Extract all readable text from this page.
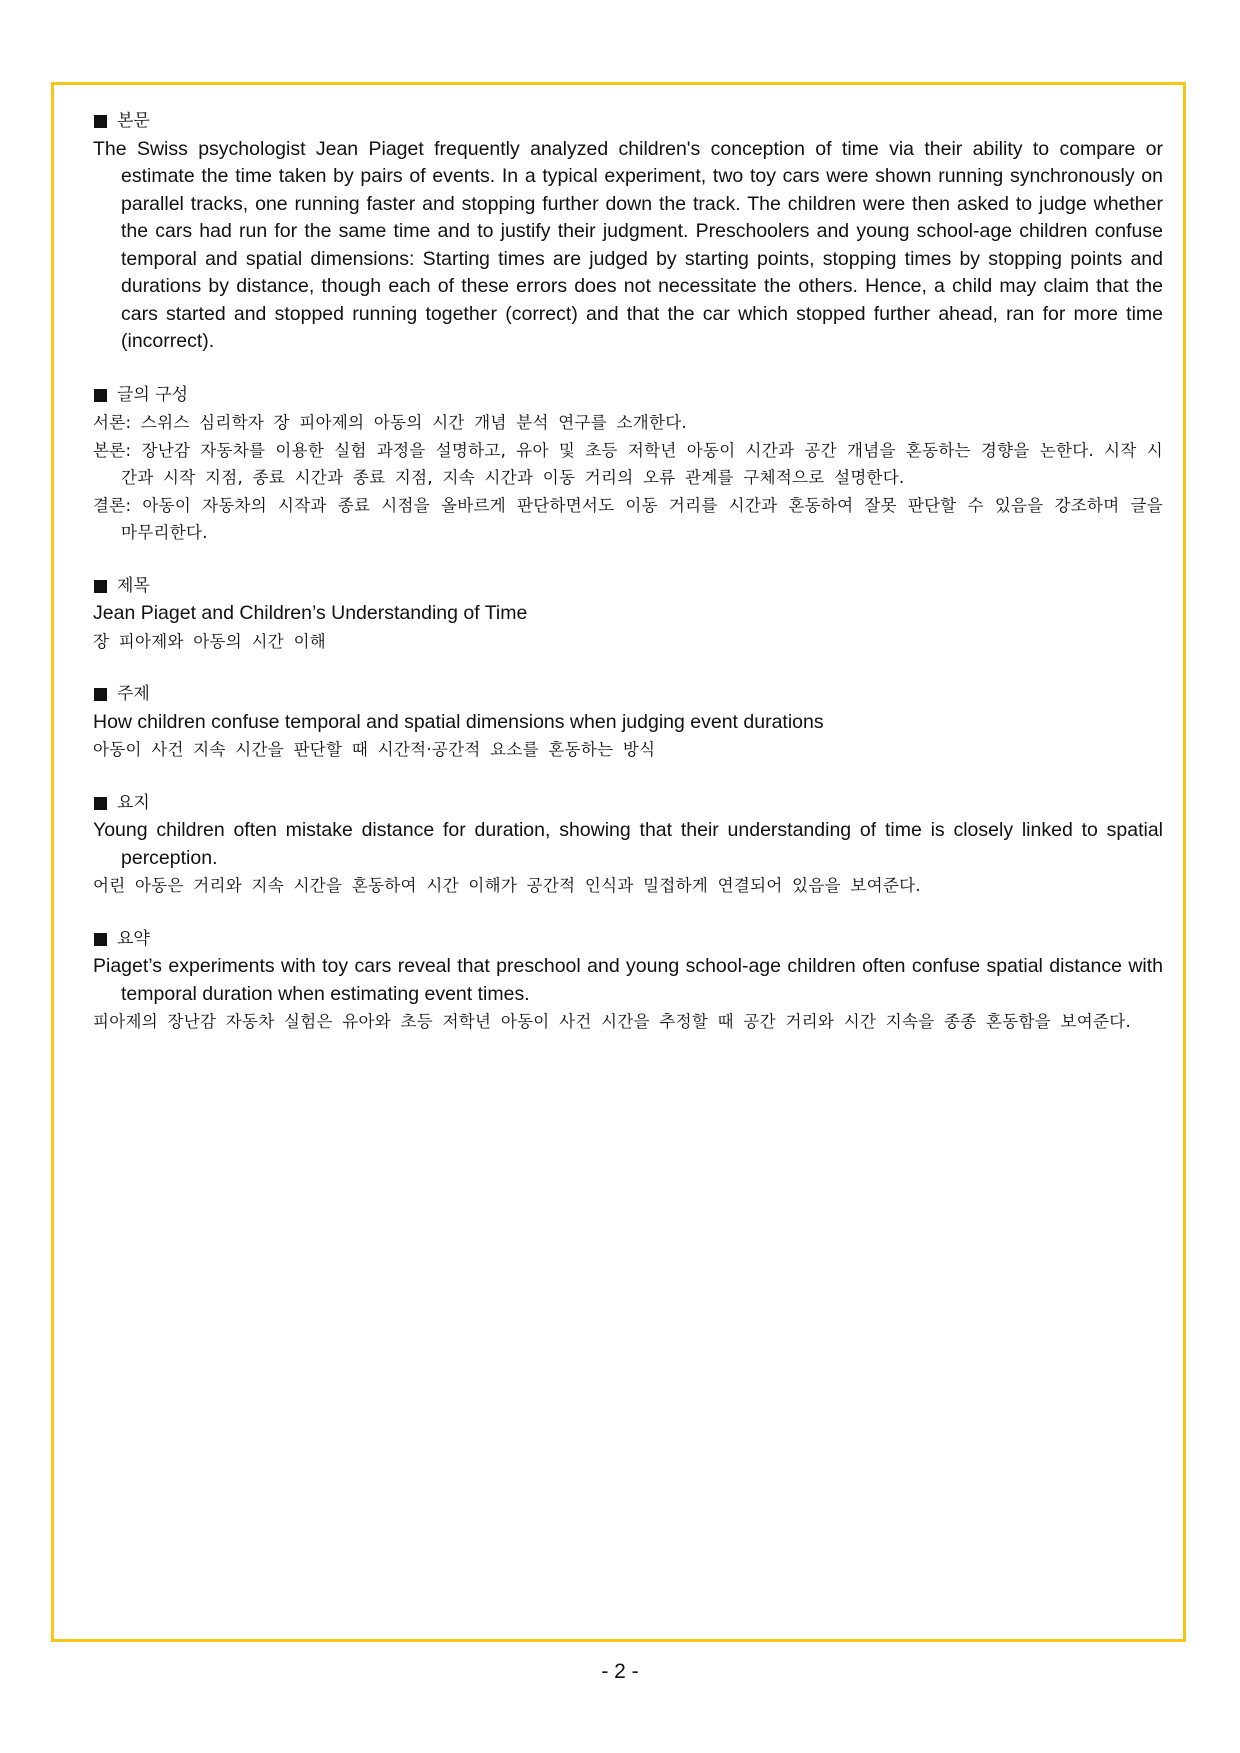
본문

The Swiss psychologist Jean Piaget frequently analyzed children's conception of time via their ability to compare or estimate the time taken by pairs of events. In a typical experiment, two toy cars were shown running synchronously on parallel tracks, one running faster and stopping further down the track. The children were then asked to judge whether the cars had run for the same time and to justify their judgment. Preschoolers and young school-age children confuse temporal and spatial dimensions: Starting times are judged by starting points, stopping times by stopping points and durations by distance, though each of these errors does not necessitate the others. Hence, a child may claim that the cars started and stopped running together (correct) and that the car which stopped further ahead, ran for more time (incorrect).

글의 구성

서론: 스위스 심리학자 장 피아제의 아동의 시간 개념 분석 연구를 소개한다.

본론: 장난감 자동차를 이용한 실험 과정을 설명하고, 유아 및 초등 저학년 아동이 시간과 공간 개념을 혼동하는 경향을 논한다. 시작 시간과 시작 지점, 종료 시간과 종료 지점, 지속 시간과 이동 거리의 오류 관계를 구체적으로 설명한다.

결론: 아동이 자동차의 시작과 종료 시점을 올바르게 판단하면서도 이동 거리를 시간과 혼동하여 잘못 판단할 수 있음을 강조하며 글을 마무리한다.

제목

Jean Piaget and Children’s Understanding of Time

장 피아제와 아동의 시간 이해

주제

How children confuse temporal and spatial dimensions when judging event durations

아동이 사건 지속 시간을 판단할 때 시간적·공간적 요소를 혼동하는 방식

요지

Young children often mistake distance for duration, showing that their understanding of time is closely linked to spatial perception.

어린 아동은 거리와 지속 시간을 혼동하여 시간 이해가 공간적 인식과 밀접하게 연결되어 있음을 보여준다.

요약

Piaget’s experiments with toy cars reveal that preschool and young school-age children often confuse spatial distance with temporal duration when estimating event times.

피아제의 장난감 자동차 실험은 유아와 초등 저학년 아동이 사건 시간을 추정할 때 공간 거리와 시간 지속을 종종 혼동함을 보여준다.

- 2 -
